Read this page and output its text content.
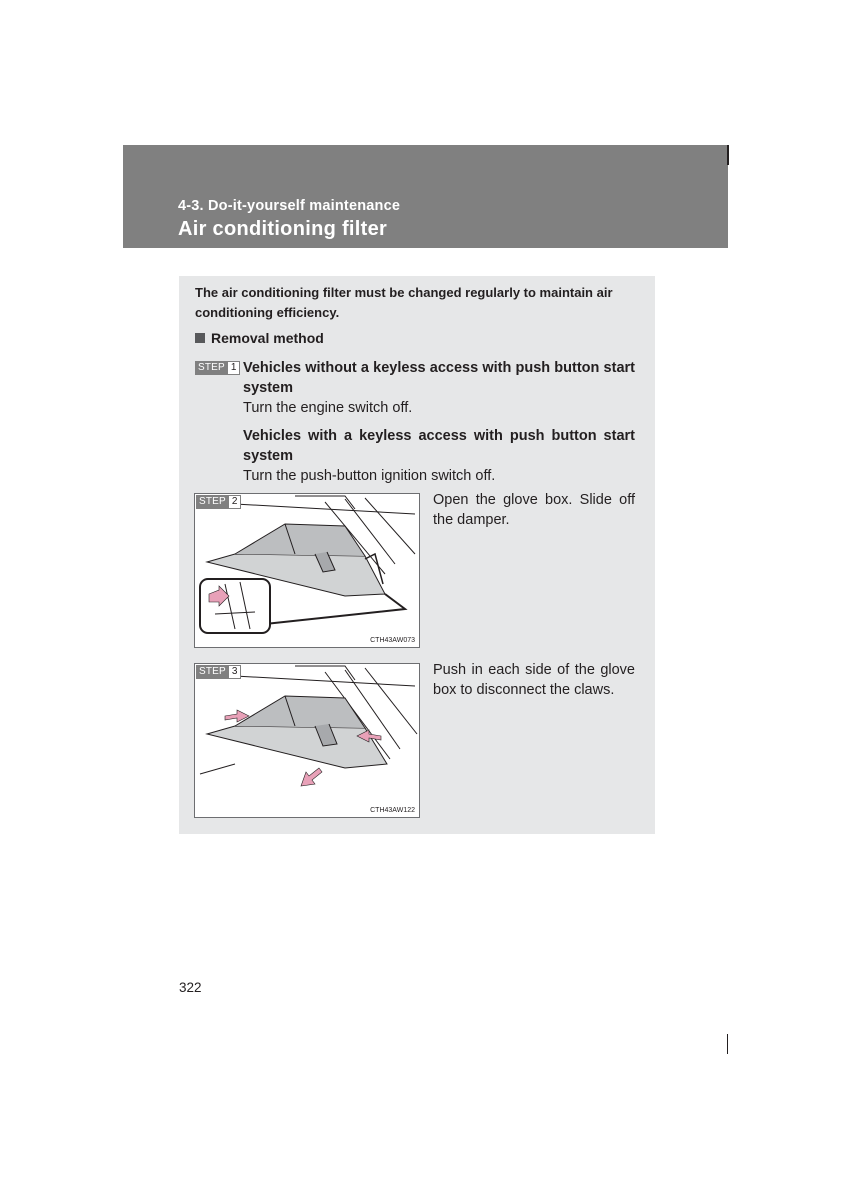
4-3. Do-it-yourself maintenance
Air conditioning filter
The air conditioning filter must be changed regularly to maintain air conditioning efficiency.
Removal method
STEP 1 Vehicles without a keyless access with push button start system
Turn the engine switch off.
Vehicles with a keyless access with push button start system
Turn the push-button ignition switch off.
STEP 2
CTH43AW073
Open the glove box. Slide off the damper.
STEP 3
CTH43AW122
Push in each side of the glove box to disconnect the claws.
322
